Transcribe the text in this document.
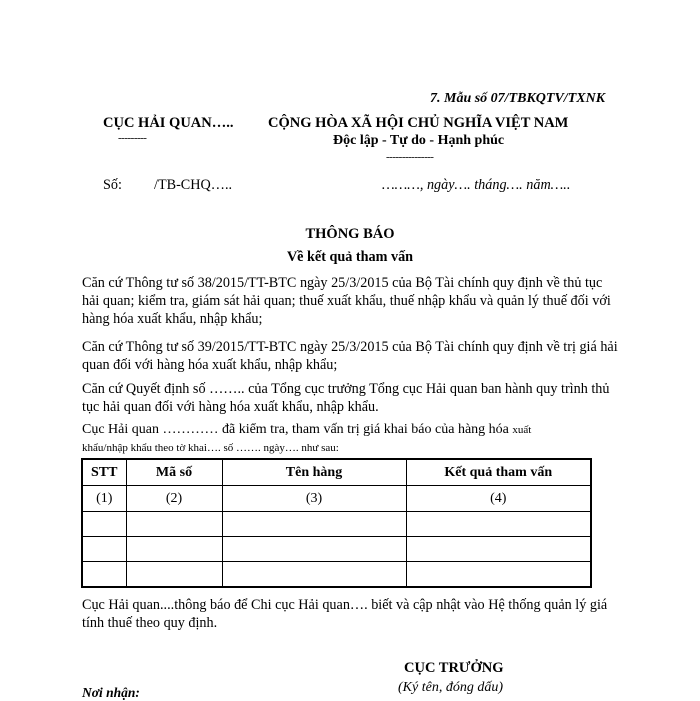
7. Mẫu số 07/TBKQTV/TXNK
CỤC HẢI QUAN…..
---------
CỘNG HÒA XÃ HỘI CHỦ NGHĨA VIỆT NAM
Độc lập - Tự do - Hạnh phúc
---------------
Số: /TB-CHQ…..	………, ngày…. tháng…. năm…..
THÔNG BÁO
Về kết quả tham vấn

Căn cứ Thông tư số 38/2015/TT-BTC ngày 25/3/2015 của Bộ Tài chính quy định về thủ tục hải quan; kiểm tra, giám sát hải quan; thuế xuất khẩu, thuế nhập khẩu và quản lý thuế đối với hàng hóa xuất khẩu, nhập khẩu;

Căn cứ Thông tư số 39/2015/TT-BTC ngày 25/3/2015 của Bộ Tài chính quy định về trị giá hải quan đối với hàng hóa xuất khẩu, nhập khẩu;

Căn cứ Quyết định số …….. của Tổng cục trưởng Tổng cục Hải quan ban hành quy trình thủ tục hải quan đối với hàng hóa xuất khẩu, nhập khẩu.

Cục Hải quan ………… đã kiểm tra, tham vấn trị giá khai báo của hàng hóa xuất
khẩu/nhập khẩu theo tờ khai…. số ……. ngày…. như sau:
STT	Mã số	Tên hàng	Kết quả tham vấn
(1)	(2)	(3)	(4)

Cục Hải quan....thông báo để Chi cục Hải quan…. biết và cập nhật vào Hệ thống quản lý giá tính thuế theo quy định.

CỤC TRƯỞNG
(Ký tên, đóng dấu)
Nơi nhận:
